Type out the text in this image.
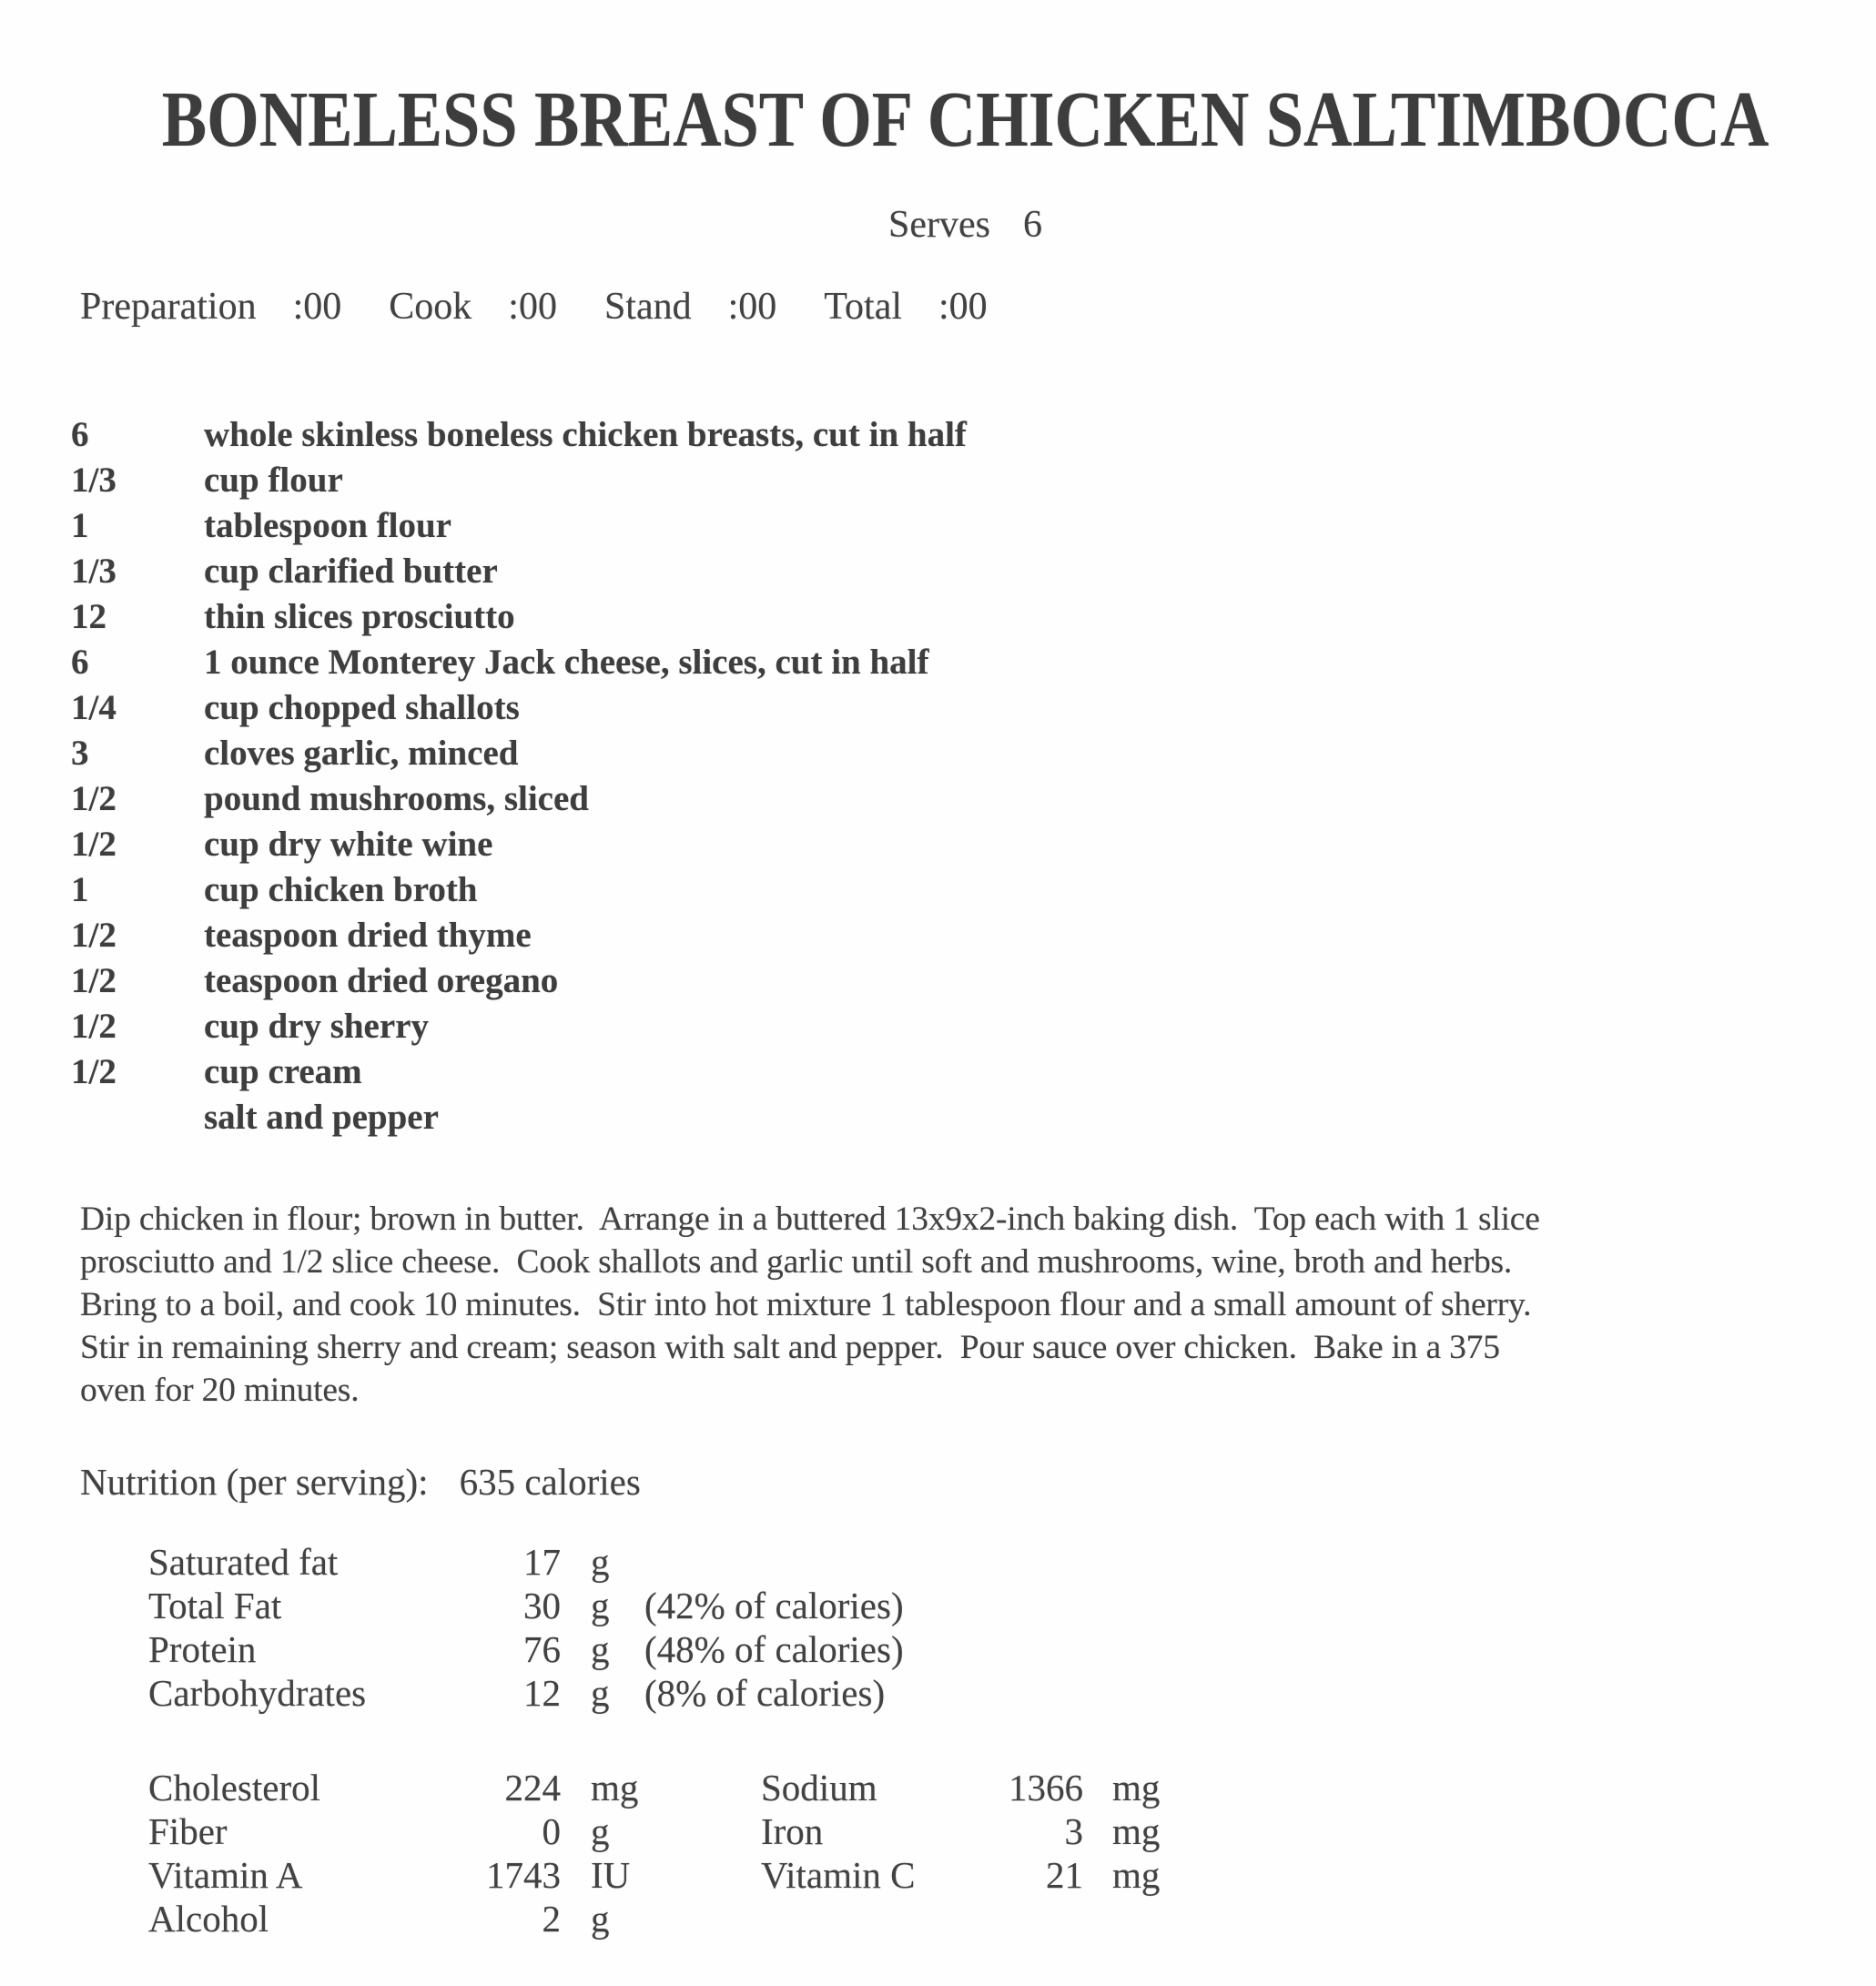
BONELESS BREAST OF CHICKEN SALTIMBOCCA
Serves 6
Preparation :00 Cook :00 Stand :00 Total :00
6	whole skinless boneless chicken breasts, cut in half
1/3 cup flour
1	tablespoon flour
1/3 cup clarified butter
12	thin slices prosciutto
6	1 ounce Monterey Jack cheese, slices, cut in half
1/4 cup chopped shallots
3	cloves garlic, minced
1/2 pound mushrooms, sliced
1/2 cup dry white wine
1	cup chicken broth
1/2 teaspoon dried thyme
1/2 teaspoon dried oregano
1/2 cup dry sherry
1/2 cup cream
salt and pepper
Dip chicken in flour; brown in butter.  Arrange in a buttered 13x9x2-inch baking dish.  Top each with 1 slice
prosciutto and 1/2 slice cheese.  Cook shallots and garlic until soft and mushrooms, wine, broth and herbs.
Bring to a boil, and cook 10 minutes.  Stir into hot mixture 1 tablespoon flour and a small amount of sherry.
Stir in remaining sherry and cream; season with salt and pepper.  Pour sauce over chicken.  Bake in a 375
oven for 20 minutes.
Nutrition (per serving): 635 calories
Saturated fat	17 g
Total Fat	30 g (42% of calories)
Protein	76 g (48% of calories)
Carbohydrates	12 g (8% of calories)
Cholesterol	224 mg	Sodium	1366 mg
Fiber	0 g	Iron	3 mg
Vitamin A	1743 IU	Vitamin C	21 mg
Alcohol	2 g
